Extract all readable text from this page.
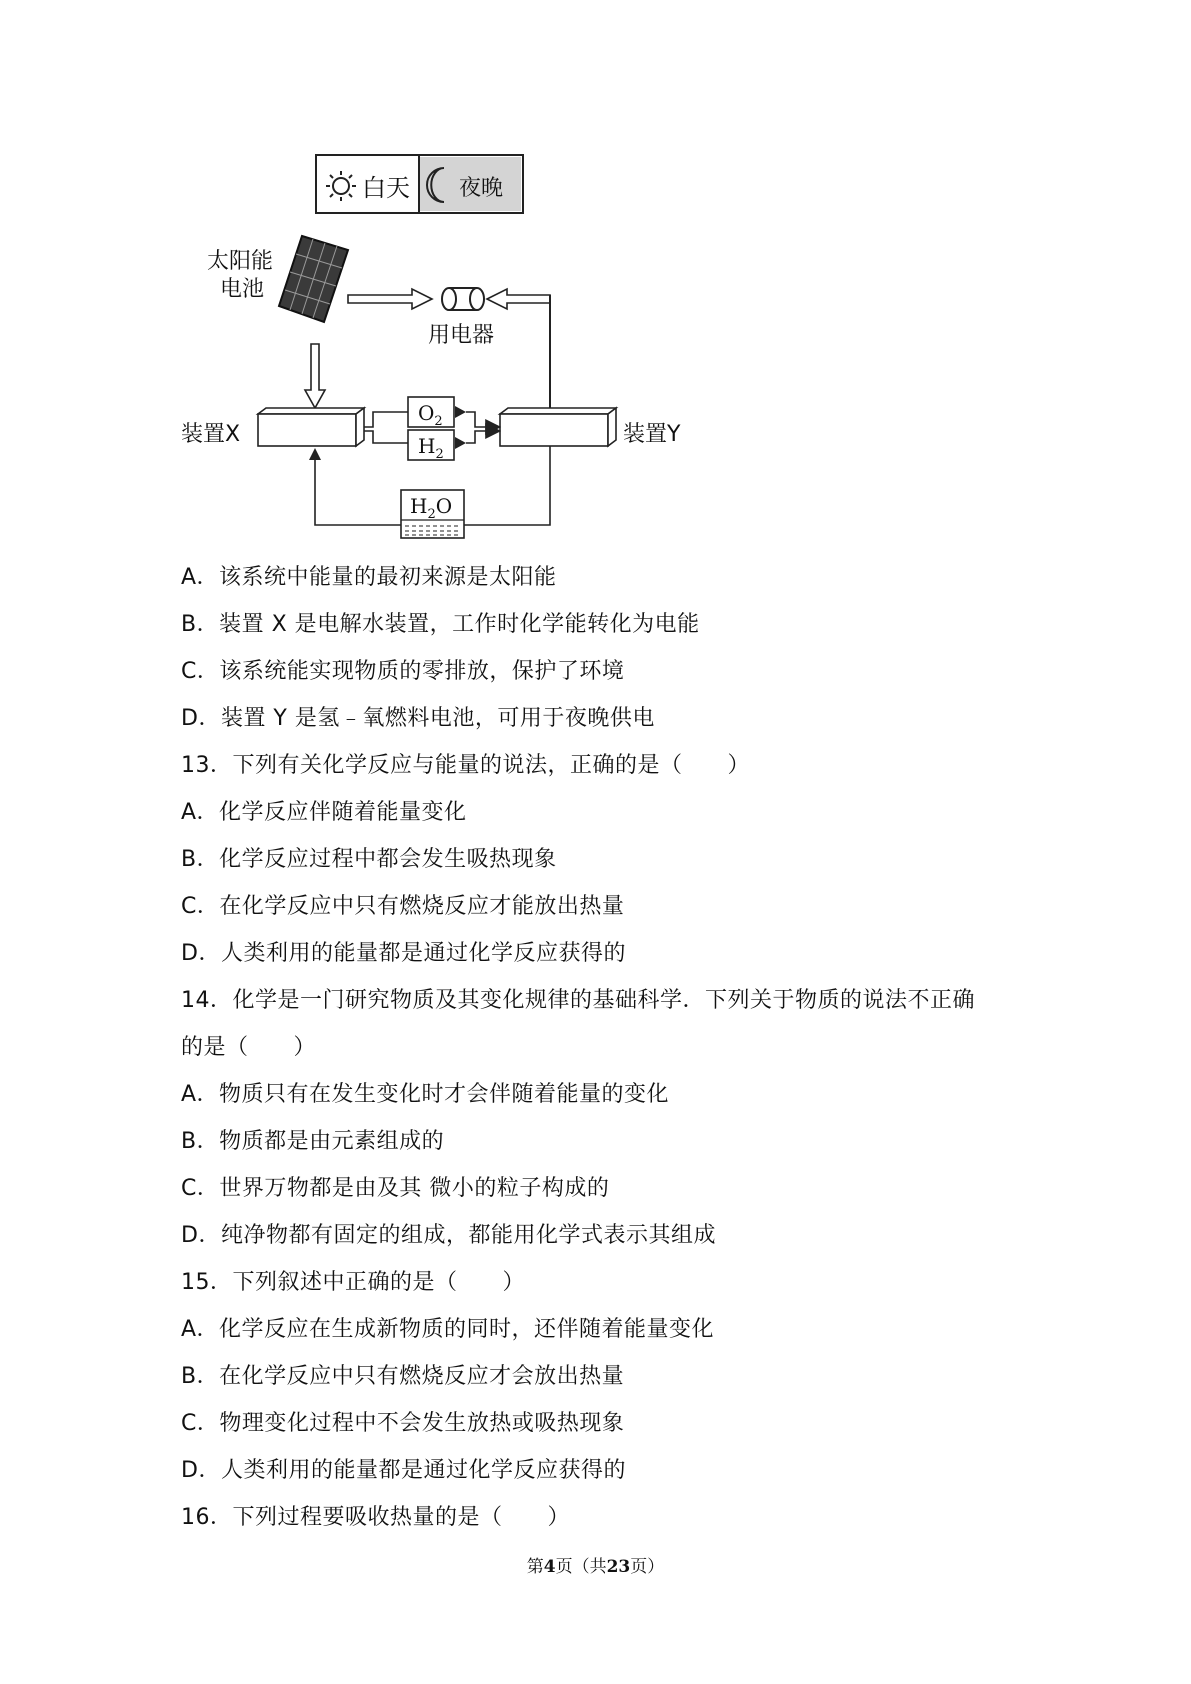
白天 夜晚
太阳能
电池
用电器
装置X	装置Y
$O_2$
$H_2$
$H_2O$
A．该系统中能量的最初来源是太阳能
B．装置 X 是电解水装置，工作时化学能转化为电能
C．该系统能实现物质的零排放，保护了环境
D．装置 Y 是氢﹣氧燃料电池，可用于夜晚供电
13．下列有关化学反应与能量的说法，正确的是（　　）
A．化学反应伴随着能量变化
B．化学反应过程中都会发生吸热现象
C．在化学反应中只有燃烧反应才能放出热量
D．人类利用的能量都是通过化学反应获得的
14．化学是一门研究物质及其变化规律的基础科学．下列关于物质的说法不正确
的是（　　）
A．物质只有在发生变化时才会伴随着能量的变化
B．物质都是由元素组成的
C．世界万物都是由及其 微小的粒子构成的
D．纯净物都有固定的组成，都能用化学式表示其组成
15．下列叙述中正确的是（　　）
A．化学反应在生成新物质的同时，还伴随着能量变化
B．在化学反应中只有燃烧反应才会放出热量
C．物理变化过程中不会发生放热或吸热现象
D．人类利用的能量都是通过化学反应获得的
16．下列过程要吸收热量的是（　　）
第4页（共23页）
